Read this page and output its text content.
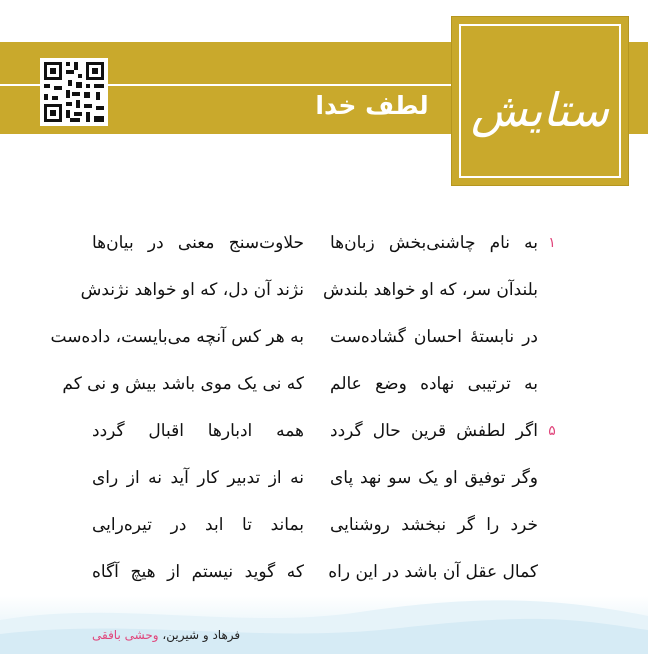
لطف خدا ستایش
۱
به نام چاشنی‌بخش زبان‌ها
حلاوت‌سنج معنی در بیان‌ها
بلندآن سر، که او خواهد بلندش
نژند آن دل، که او خواهد نژندش
در نابستهٔ احسان گشاده‌ست
به هر کس آنچه می‌بایست، داده‌ست
به ترتیبی نهاده وضع عالم
که نی یک موی باشد بیش و نی کم
۵
اگر لطفش قرین حال گردد
همه ادبارها اقبال گردد
وگر توفیق او یک سو نهد پای
نه از تدبیر کار آید نه از رای
خرد را گر نبخشد روشنایی
بماند تا ابد در تیره‌رایی
کمال عقل آن باشد در این راه
که گوید نیستم از هیچ آگاه
فرهاد و شیرین، وحشی بافقی
